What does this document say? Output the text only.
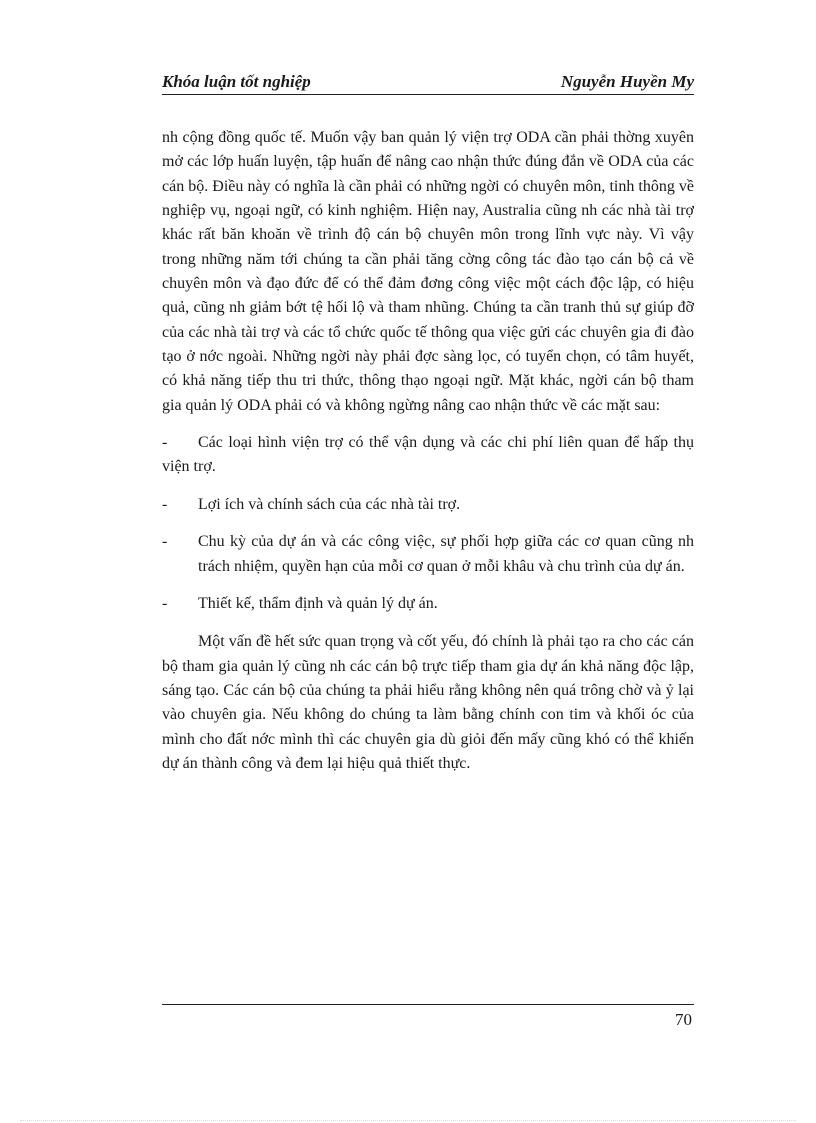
Khóa luận tốt nghiệp	Nguyễn Huyền My

nh cộng đồng quốc tế. Muốn vậy ban quản lý viện trợ ODA cần phải thờng xuyên mở các lớp huấn luyện, tập huấn để nâng cao nhận thức đúng đắn về ODA của các cán bộ. Điều này có nghĩa là cần phải có những ngời có chuyên môn, tinh thông về nghiệp vụ, ngoại ngữ, có kinh nghiệm. Hiện nay, Australia cũng nh các nhà tài trợ khác rất băn khoăn về trình độ cán bộ chuyên môn trong lĩnh vực này. Vì vậy trong những năm tới chúng ta cần phải tăng cờng công tác đào tạo cán bộ cả về chuyên môn và đạo đức để có thể đảm đơng công việc một cách độc lập, có hiệu quả, cũng nh giảm bớt tệ hối lộ và tham nhũng. Chúng ta cần tranh thủ sự giúp đỡ của các nhà tài trợ và các tổ chức quốc tế thông qua việc gửi các chuyên gia đi đào tạo ở nớc ngoài. Những ngời này phải đợc sàng lọc, có tuyển chọn, có tâm huyết, có khả năng tiếp thu tri thức, thông thạo ngoại ngữ. Mặt khác, ngời cán bộ tham gia quản lý ODA phải có và không ngừng nâng cao nhận thức về các mặt sau:

- Các loại hình viện trợ có thể vận dụng và các chi phí liên quan để hấp thụ viện trợ.
-	Lợi ích và chính sách của các nhà tài trợ.
-	Chu kỳ của dự án và các công việc, sự phối hợp giữa các cơ quan cũng nh trách nhiệm, quyền hạn của mỗi cơ quan ở mỗi khâu và chu trình của dự án.
-	Thiết kế, thẩm định và quản lý dự án.

Một vấn đề hết sức quan trọng và cốt yếu, đó chính là phải tạo ra cho các cán bộ tham gia quản lý cũng nh các cán bộ trực tiếp tham gia dự án khả năng độc lập, sáng tạo. Các cán bộ của chúng ta phải hiểu rằng không nên quá trông chờ và ỷ lại vào chuyên gia. Nếu không do chúng ta làm bằng chính con tim và khối óc của mình cho đất nớc mình thì các chuyên gia dù giỏi đến mấy cũng khó có thể khiến dự án thành công và đem lại hiệu quả thiết thực.

70
